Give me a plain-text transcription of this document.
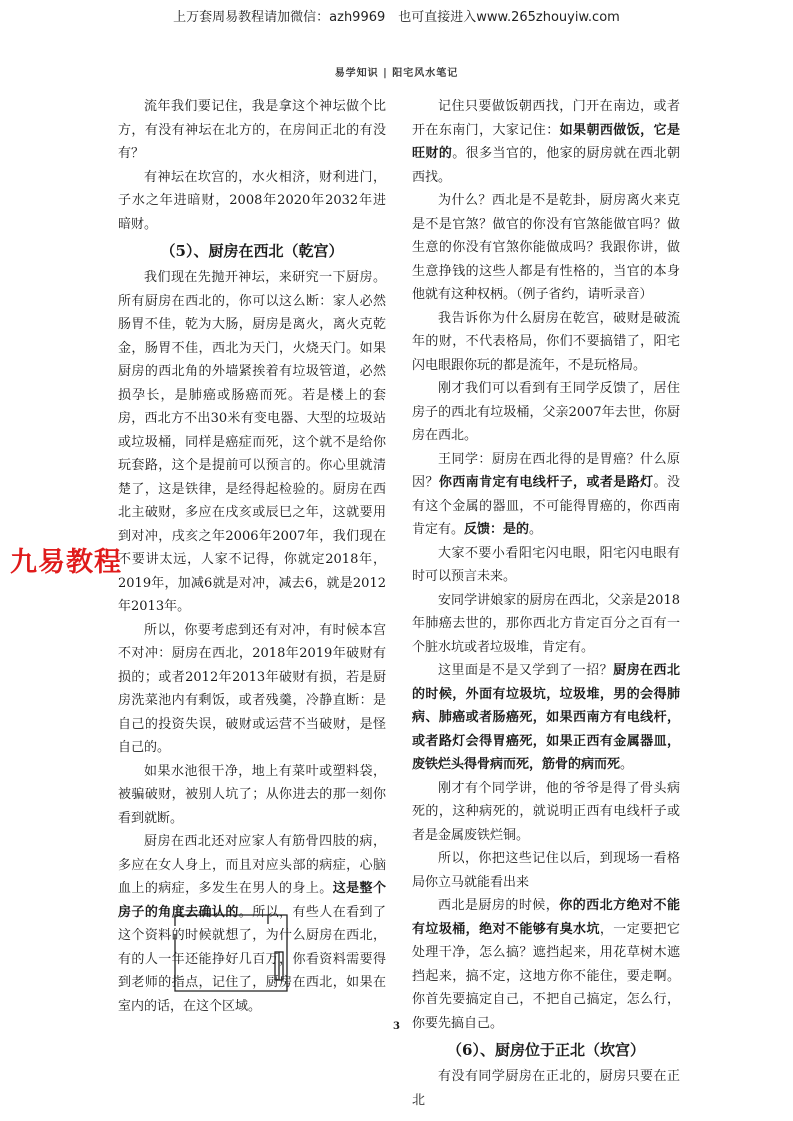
上万套周易教程请加微信：azh9969　也可直接进入www.265zhouyiw.com
易学知识 | 阳宅风水笔记

流年我们要记住，我是拿这个神坛做个比方，有没有神坛在北方的，在房间正北的有没有？

有神坛在坎宫的，水火相济，财利进门，子水之年进暗财，2008年2020年2032年进暗财。

（5）、厨房在西北（乾宫）

我们现在先抛开神坛，来研究一下厨房。所有厨房在西北的，你可以这么断：家人必然肠胃不佳，乾为大肠，厨房是离火，离火克乾金，肠胃不佳，西北为天门，火烧天门。如果厨房的西北角的外墙紧挨着有垃圾管道，必然损孕长，是肺癌或肠癌而死。若是楼上的套房，西北方不出30米有变电器、大型的垃圾站或垃圾桶，同样是癌症而死，这个就不是给你玩套路，这个是提前可以预言的。你心里就清楚了，这是铁律，是经得起检验的。厨房在西北主破财，多应在戌亥或辰巳之年，这就要用到对冲，戌亥之年2006年2007年，我们现在不要讲太远，人家不记得，你就定2018年，2019年，加减6就是对冲，减去6，就是2012年2013年。

所以，你要考虑到还有对冲，有时候本宫不对冲：厨房在西北，2018年2019年破财有损的；或者2012年2013年破财有损，若是厨房洗菜池内有剩饭，或者残羹，冷静直断：是自己的投资失误，破财或运营不当破财，是怪自己的。

如果水池很干净，地上有菜叶或塑料袋，被骗破财，被别人坑了；从你进去的那一刻你看到就断。

厨房在西北还对应家人有筋骨四肢的病，多应在女人身上，而且对应头部的病症，心脑血上的病症，多发生在男人的身上。这是整个房子的角度去确认的。所以，有些人在看到了这个资料的时候就想了，为什么厨房在西北，有的人一年还能挣好几百万，你看资料需要得到老师的指点，记住了，厨房在西北，如果在室内的话，在这个区域。

记住只要做饭朝西找，门开在南边，或者开在东南门，大家记住：如果朝西做饭，它是旺财的。很多当官的，他家的厨房就在西北朝西找。

为什么？西北是不是乾卦，厨房离火来克是不是官煞？做官的你没有官煞能做官吗？做生意的你没有官煞你能做成吗？我跟你讲，做生意挣钱的这些人都是有性格的，当官的本身他就有这种权柄。（例子省约，请听录音）

我告诉你为什么厨房在乾宫，破财是破流年的财，不代表格局，你们不要搞错了，阳宅闪电眼跟你玩的都是流年，不是玩格局。

刚才我们可以看到有王同学反馈了，居住房子的西北有垃圾桶，父亲2007年去世，你厨房在西北。

王同学：厨房在西北得的是胃癌？什么原因？你西南肯定有电线杆子，或者是路灯。没有这个金属的器皿，不可能得胃癌的，你西南肯定有。反馈：是的。

大家不要小看阳宅闪电眼，阳宅闪电眼有时可以预言未来。

安同学讲娘家的厨房在西北，父亲是2018年肺癌去世的，那你西北方肯定百分之百有一个脏水坑或者垃圾堆，肯定有。

这里面是不是又学到了一招？厨房在西北的时候，外面有垃圾坑，垃圾堆，男的会得肺病、肺癌或者肠癌死，如果西南方有电线杆，或者路灯会得胃癌死，如果正西有金属器皿，废铁烂头得骨病而死，筋骨的病而死。

刚才有个同学讲，他的爷爷是得了骨头病死的，这种病死的，就说明正西有电线杆子或者是金属废铁烂铜。

所以，你把这些记住以后，到现场一看格局你立马就能看出来

西北是厨房的时候，你的西北方绝对不能有垃圾桶，绝对不能够有臭水坑，一定要把它处理干净，怎么搞？遮挡起来，用花草树木遮挡起来，搞不定，这地方你不能住，要走啊。你首先要搞定自己，不把自己搞定，怎么行，你要先搞自己。

（6）、厨房位于正北（坎宫）

有没有同学厨房在正北的，厨房只要在正北

九易教程
3
